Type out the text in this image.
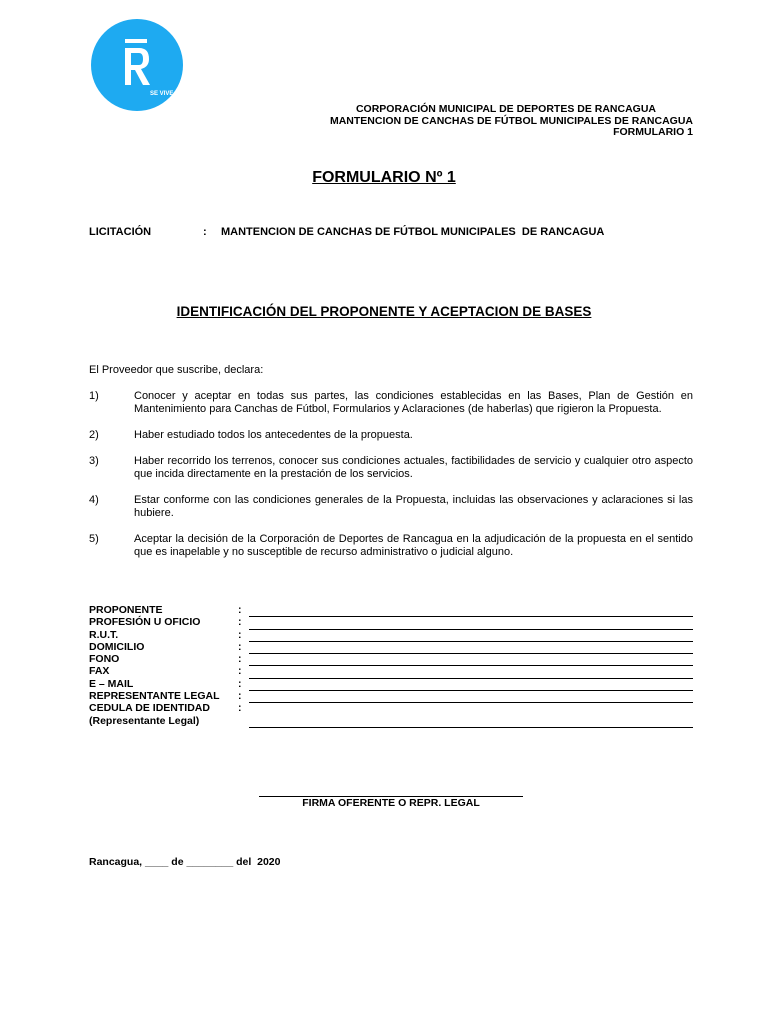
SE VIVE
CORPORACIÓN MUNICIPAL DE DEPORTES DE RANCAGUA
MANTENCION DE CANCHAS DE FÚTBOL MUNICIPALES DE RANCAGUA
FORMULARIO 1
FORMULARIO Nº 1
LICITACIÓN	: MANTENCION DE CANCHAS DE FÚTBOL MUNICIPALES  DE RANCAGUA
IDENTIFICACIÓN DEL PROPONENTE Y ACEPTACION DE BASES
El Proveedor que suscribe, declara:
1)	Conocer y aceptar en todas sus partes, las condiciones establecidas en las Bases, Plan de Gestión en Mantenimiento para Canchas de Fútbol, Formularios y Aclaraciones (de haberlas) que rigieron la Propuesta.
2)	Haber estudiado todos los antecedentes de la propuesta.
3)	Haber recorrido los terrenos, conocer sus condiciones actuales, factibilidades de servicio y cualquier otro aspecto que incida directamente en la prestación de los servicios.
4)	Estar conforme con las condiciones generales de la Propuesta, incluidas las observaciones y aclaraciones si las hubiere.
5)	Aceptar la decisión de la Corporación de Deportes de Rancagua en la adjudicación de la propuesta en el sentido que es inapelable y no susceptible de recurso administrativo o judicial alguno.
PROPONENTE	:
PROFESIÓN U OFICIO	:
R.U.T.	:
DOMICILIO	:
FONO	:
FAX	:
E – MAIL	:
REPRESENTANTE LEGAL :
CEDULA DE IDENTIDAD	:
(Representante Legal)
FIRMA OFERENTE O REPR. LEGAL
Rancagua, ____ de ________ del  2020
